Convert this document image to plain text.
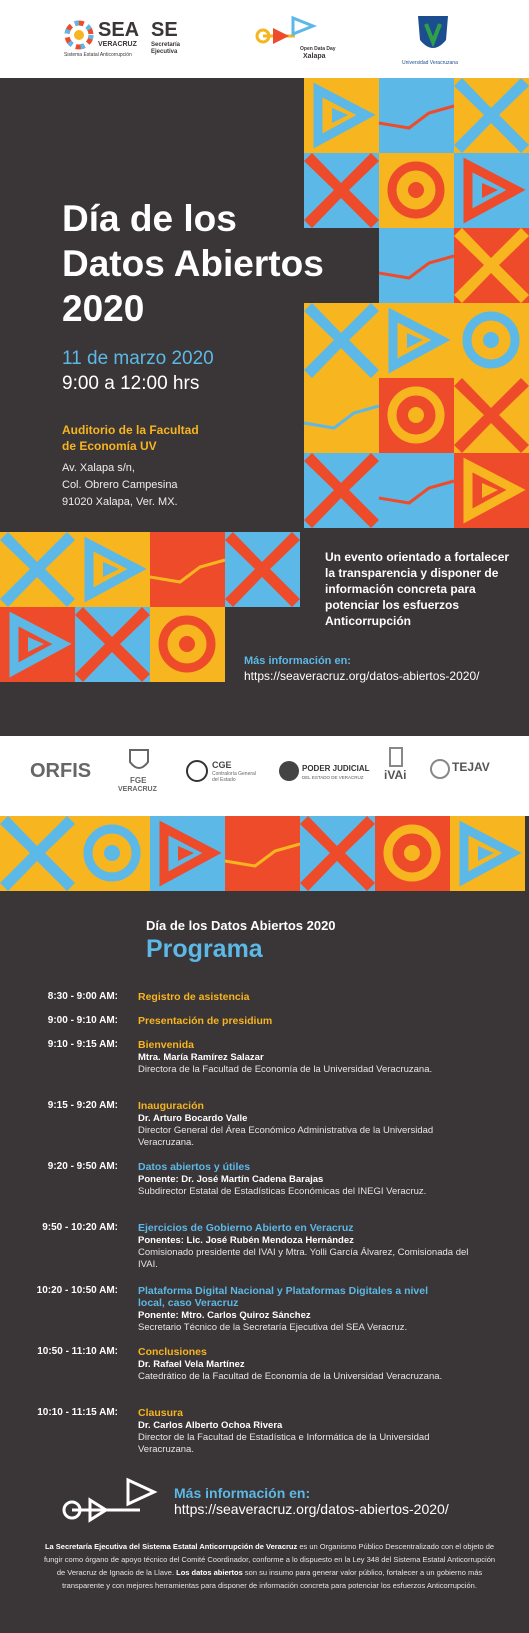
SEA
VERACRUZ
Sistema Estatal Anticorrupción
SE
Secretaría Ejecutiva	Open Data Day
Xalapa
Universidad Veracruzana
Día de los
Datos Abiertos
2020
11 de marzo 2020
9:00 a 12:00 hrs
Auditorio de la Facultad
de Economía UV
Av. Xalapa s/n,
Col. Obrero Campesina
91020 Xalapa, Ver. MX.
Un evento orientado a fortalecer la transparencia y disponer de información concreta para potenciar los esfuerzos Anticorrupción
Más información en:
https://seaveracruz.org/datos-abiertos-2020/
ORFIS	FGE
VERACRUZ
CGE
Contraloría General del Estado
PODER JUDICIAL
DEL ESTADO DE VERACRUZ iVAi
TEJAV
Día de los Datos Abiertos 2020
Programa
8:30 - 9:00 AM: Registro de asistencia
9:00 - 9:10 AM: Presentación de presidium
9:10 - 9:15 AM: Bienvenida
Mtra. María Ramírez Salazar
Directora de la Facultad de Economía de la Universidad Veracruzana.
9:15 - 9:20 AM: Inauguración
Dr. Arturo Bocardo Valle
Director General del Área Económico Administrativa de la Universidad Veracruzana.
9:20 - 9:50 AM: Datos abiertos y útiles
Ponente: Dr. José Martín Cadena Barajas
Subdirector Estatal de Estadísticas Económicas del INEGI Veracruz.
9:50 - 10:20 AM: Ejercicios de Gobierno Abierto en Veracruz
Ponentes: Lic. José Rubén Mendoza Hernández
Comisionado presidente del IVAI y Mtra. Yolli García Álvarez, Comisionada del IVAI.
10:20 - 10:50 AM: Plataforma Digital Nacional y Plataformas Digitales a nivel local, caso Veracruz
Ponente: Mtro. Carlos Quiroz Sánchez
Secretario Técnico de la Secretaría Ejecutiva del SEA Veracruz.
10:50 - 11:10 AM: Conclusiones
Dr. Rafael Vela Martínez
Catedrático de la Facultad de Economía de la Universidad Veracruzana.
10:10 - 11:15 AM: Clausura
Dr. Carlos Alberto Ochoa Rivera
Director de la Facultad de Estadística e Informática de la Universidad Veracruzana.
Más información en:
https://seaveracruz.org/datos-abiertos-2020/
La Secretaría Ejecutiva del Sistema Estatal Anticorrupción de Veracruz es un Organismo Público Descentralizado con el objeto de fungir como órgano de apoyo técnico del Comité Coordinador, conforme a lo dispuesto en la Ley 348 del Sistema Estatal Anticorrupción de Veracruz de Ignacio de la Llave. Los datos abiertos son su insumo para generar valor público, fortalecer a un gobierno más transparente y con mejores herramientas para disponer de información concreta para potenciar los esfuerzos Anticorrupción.
